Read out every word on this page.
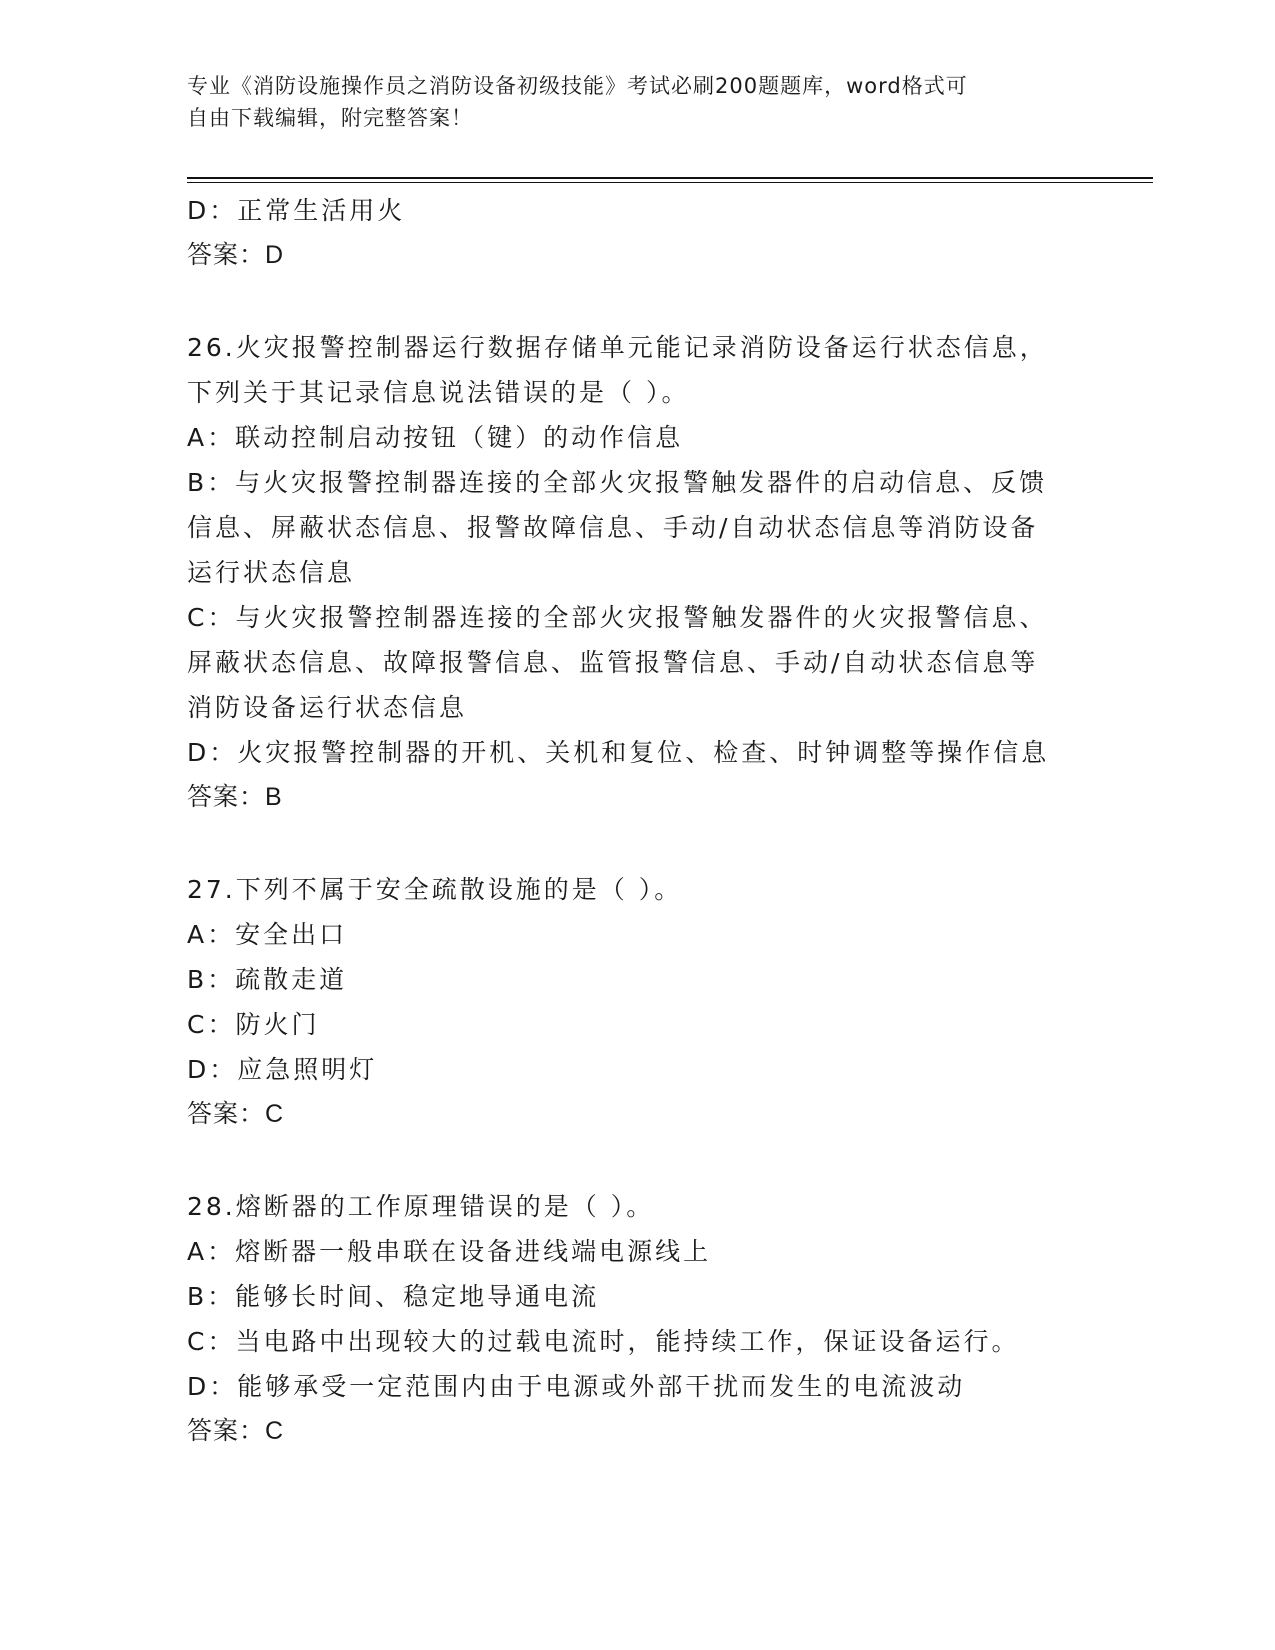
专业《消防设施操作员之消防设备初级技能》考试必刷200题题库，word格式可
自由下载编辑，附完整答案！
D：正常生活用火
答案：D
26.火灾报警控制器运行数据存储单元能记录消防设备运行状态信息，
下列关于其记录信息说法错误的是（ ）。
A：联动控制启动按钮（键）的动作信息
B：与火灾报警控制器连接的全部火灾报警触发器件的启动信息、反馈
信息、屏蔽状态信息、报警故障信息、手动/自动状态信息等消防设备
运行状态信息
C：与火灾报警控制器连接的全部火灾报警触发器件的火灾报警信息、
屏蔽状态信息、故障报警信息、监管报警信息、手动/自动状态信息等
消防设备运行状态信息
D：火灾报警控制器的开机、关机和复位、检查、时钟调整等操作信息
答案：B
27.下列不属于安全疏散设施的是（ ）。
A：安全出口
B：疏散走道
C：防火门
D：应急照明灯
答案：C
28.熔断器的工作原理错误的是（ ）。
A：熔断器一般串联在设备进线端电源线上
B：能够长时间、稳定地导通电流
C：当电路中出现较大的过载电流时，能持续工作，保证设备运行。
D：能够承受一定范围内由于电源或外部干扰而发生的电流波动
答案：C
